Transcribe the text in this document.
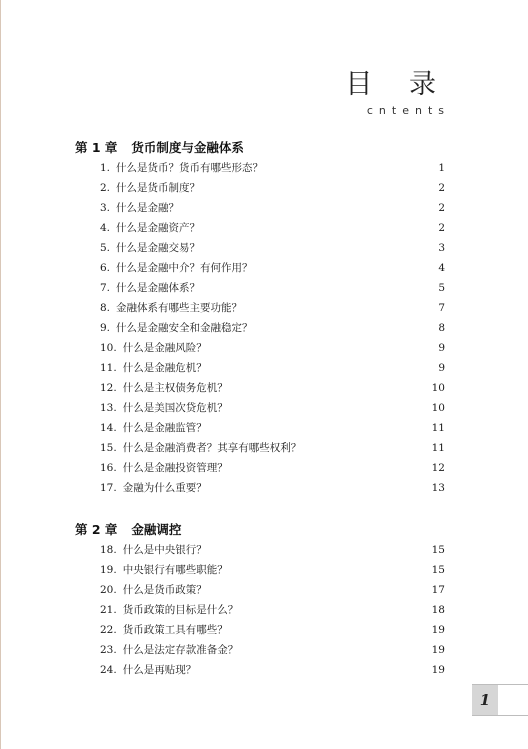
目 录

cntents

第 1 章 货币制度与金融体系
1. 什么是货币？货币有哪些形态？	1
2. 什么是货币制度？	2
3. 什么是金融？	2
4. 什么是金融资产？	2
5. 什么是金融交易？	3
6. 什么是金融中介？有何作用？	4
7. 什么是金融体系？	5
8. 金融体系有哪些主要功能？	7
9. 什么是金融安全和金融稳定？	8
10. 什么是金融风险？	9
11. 什么是金融危机？	9
12. 什么是主权债务危机？	10
13. 什么是美国次贷危机？	10
14. 什么是金融监管？	11
15. 什么是金融消费者？其享有哪些权利？	11
16. 什么是金融投资管理？	12
17. 金融为什么重要？	13
第 2 章 金融调控
18. 什么是中央银行？	15
19. 中央银行有哪些职能？	15
20. 什么是货币政策？	17
21. 货币政策的目标是什么？	18
22. 货币政策工具有哪些？	19
23. 什么是法定存款准备金？	19
24. 什么是再贴现？	19
1
